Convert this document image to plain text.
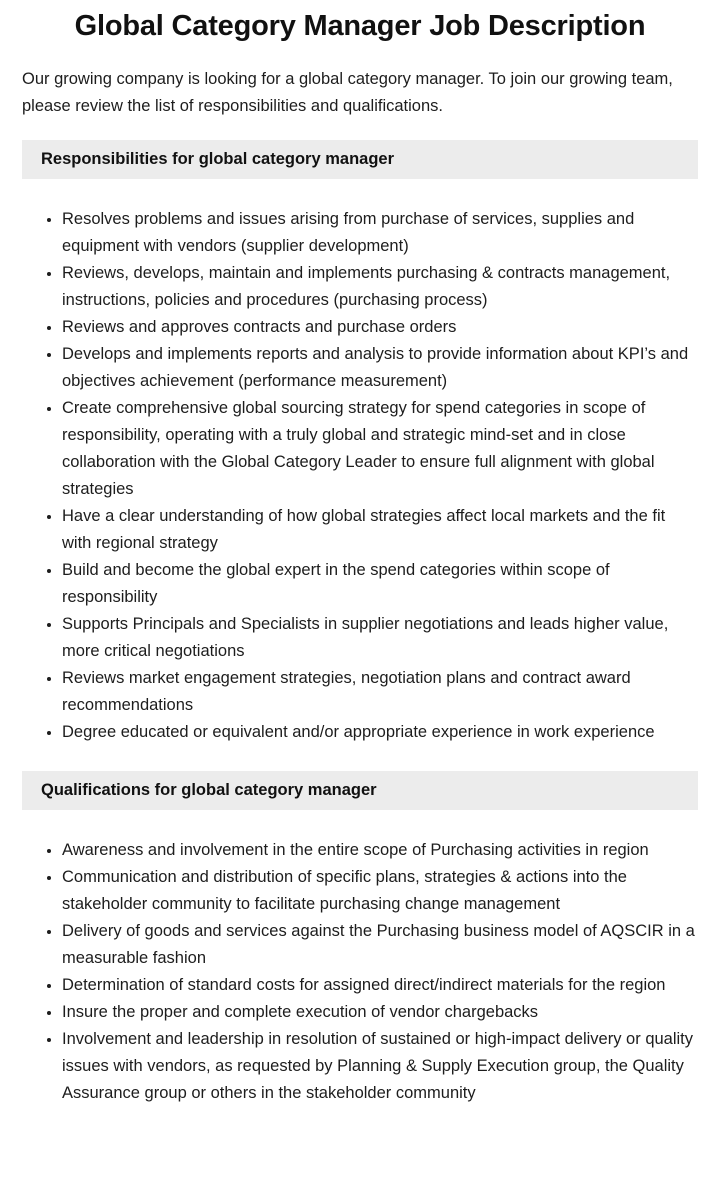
Global Category Manager Job Description

Our growing company is looking for a global category manager. To join our growing team, please review the list of responsibilities and qualifications.

Responsibilities for global category manager
• Resolves problems and issues arising from purchase of services, supplies and equipment with vendors (supplier development)
• Reviews, develops, maintain and implements purchasing & contracts management, instructions, policies and procedures (purchasing process)
• Reviews and approves contracts and purchase orders
• Develops and implements reports and analysis to provide information about KPI’s and objectives achievement (performance measurement)
• Create comprehensive global sourcing strategy for spend categories in scope of responsibility, operating with a truly global and strategic mind-set and in close collaboration with the Global Category Leader to ensure full alignment with global strategies
• Have a clear understanding of how global strategies affect local markets and the fit with regional strategy
• Build and become the global expert in the spend categories within scope of responsibility
• Supports Principals and Specialists in supplier negotiations and leads higher value, more critical negotiations
• Reviews market engagement strategies, negotiation plans and contract award recommendations
• Degree educated or equivalent and/or appropriate experience in work experience
Qualifications for global category manager
• Awareness and involvement in the entire scope of Purchasing activities in region
• Communication and distribution of specific plans, strategies & actions into the stakeholder community to facilitate purchasing change management
• Delivery of goods and services against the Purchasing business model of AQSCIR in a measurable fashion
• Determination of standard costs for assigned direct/indirect materials for the region
• Insure the proper and complete execution of vendor chargebacks
• Involvement and leadership in resolution of sustained or high-impact delivery or quality issues with vendors, as requested by Planning & Supply Execution group, the Quality Assurance group or others in the stakeholder community
